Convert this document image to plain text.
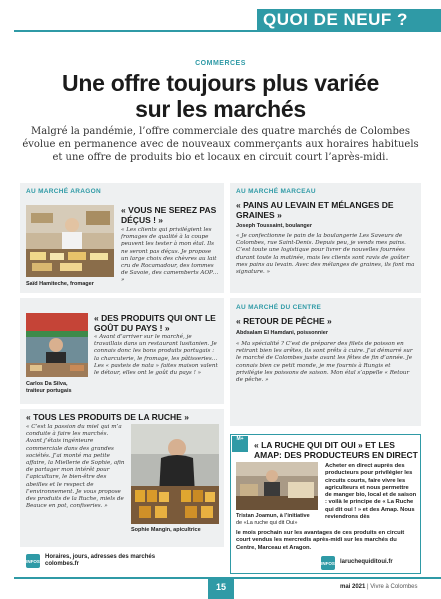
QUOI DE NEUF ?
COMMERCES
Une offre toujours plus variée
sur les marchés
Malgré la pandémie, l’offre commerciale des quatre marchés de Colombes évolue en permanence avec de nouveaux commerçants aux horaires habituels et une offre de produits bio et locaux en circuit court l’après-midi.
AU MARCHÉ ARAGON
Saïd Hamiteche, fromager
« VOUS NE SEREZ PAS DÉÇUS ! »
« Les clients qui privilégient les fromages de qualité à la coupe peuvent les tester à mon étal. Ils ne seront pas déçus. Je propose un large choix des chèvres au lait cru de Rocamadour, des tommes de Savoie, des camemberts AOP… »
Carlos Da Silva,
traiteur portugais
« DES PRODUITS QUI ONT LE GOÛT DU PAYS ! »
« Avant d’arriver sur le marché, je travaillais dans un restaurant lusitanien. Je connais donc les bons produits portugais : la charcuterie, le fromage, les pâtisseries… Les « pasteis de nata » faites maison valent le détour, elles ont le goût du pays ! »
« TOUS LES PRODUITS DE LA RUCHE »
« C’est la passion du miel qui m’a conduite à faire les marchés. Avant j’étais ingénieure commerciale dans des grandes sociétés. J’ai monté ma petite affaire, la Miellerie de Sophie, afin de partager mon intérêt pour l’apiculture, le bien-être des abeilles et le respect de l’environnement. Je vous propose des produits de la Ruche, miels de Beauce en pot, confiseries. »
Sophie Mangin, apicultrice
AU MARCHÉ MARCEAU
« PAINS AU LEVAIN ET MÉLANGES DE GRAINES »
Joseph Toussaint, boulanger
« Je confectionne le pain de la boulangerie Les Saveurs de Colombes, rue Saint-Denis. Depuis peu, je vends mes pains. C’est toute une logistique pour livrer de nouvelles fournées durant toute la matinée, mais les clients sont ravis de goûter mes pains au levain. Avec des mélanges de graines, ils font ma signature. »
AU MARCHÉ DU CENTRE
« RETOUR DE PÊCHE »
Abdsalam El Hamdani, poissonnier
« Ma spécialité ? C’est de préparer des filets de poisson en retirant bien les arêtes, ils sont prêts à cuire. J’ai démarré sur le marché de Colombes juste avant les fêtes de fin d’année. Je connais bien ce petit monde, je me fournis à Rungis et privilégie les poissons de saison. Mon étal s’appelle « Retour de pêche. »
M+
« LA RUCHE QUI DIT OUI » ET LES AMAP: DES PRODUCTEURS EN DIRECT
Tristan Joamun, à l’initiative
de «La ruche qui dit Oui»
Acheter en direct auprès des producteurs pour privilégier les circuits courts, faire vivre les agriculteurs et nous permettre de manger bio, local et de saison : voilà le principe de « La Ruche qui dit oui ! » et des Amap. Nous reviendrons dès
le mois prochain sur les avantages de ces produits en circuit court vendus les mercredis après-midi sur les marchés du Centre, Marceau et Aragon.
INFOS
Horaires, jours, adresses des marchés
colombes.fr	INFOS laruchequiditoui.fr
15	mai 2021 | Vivre à Colombes
